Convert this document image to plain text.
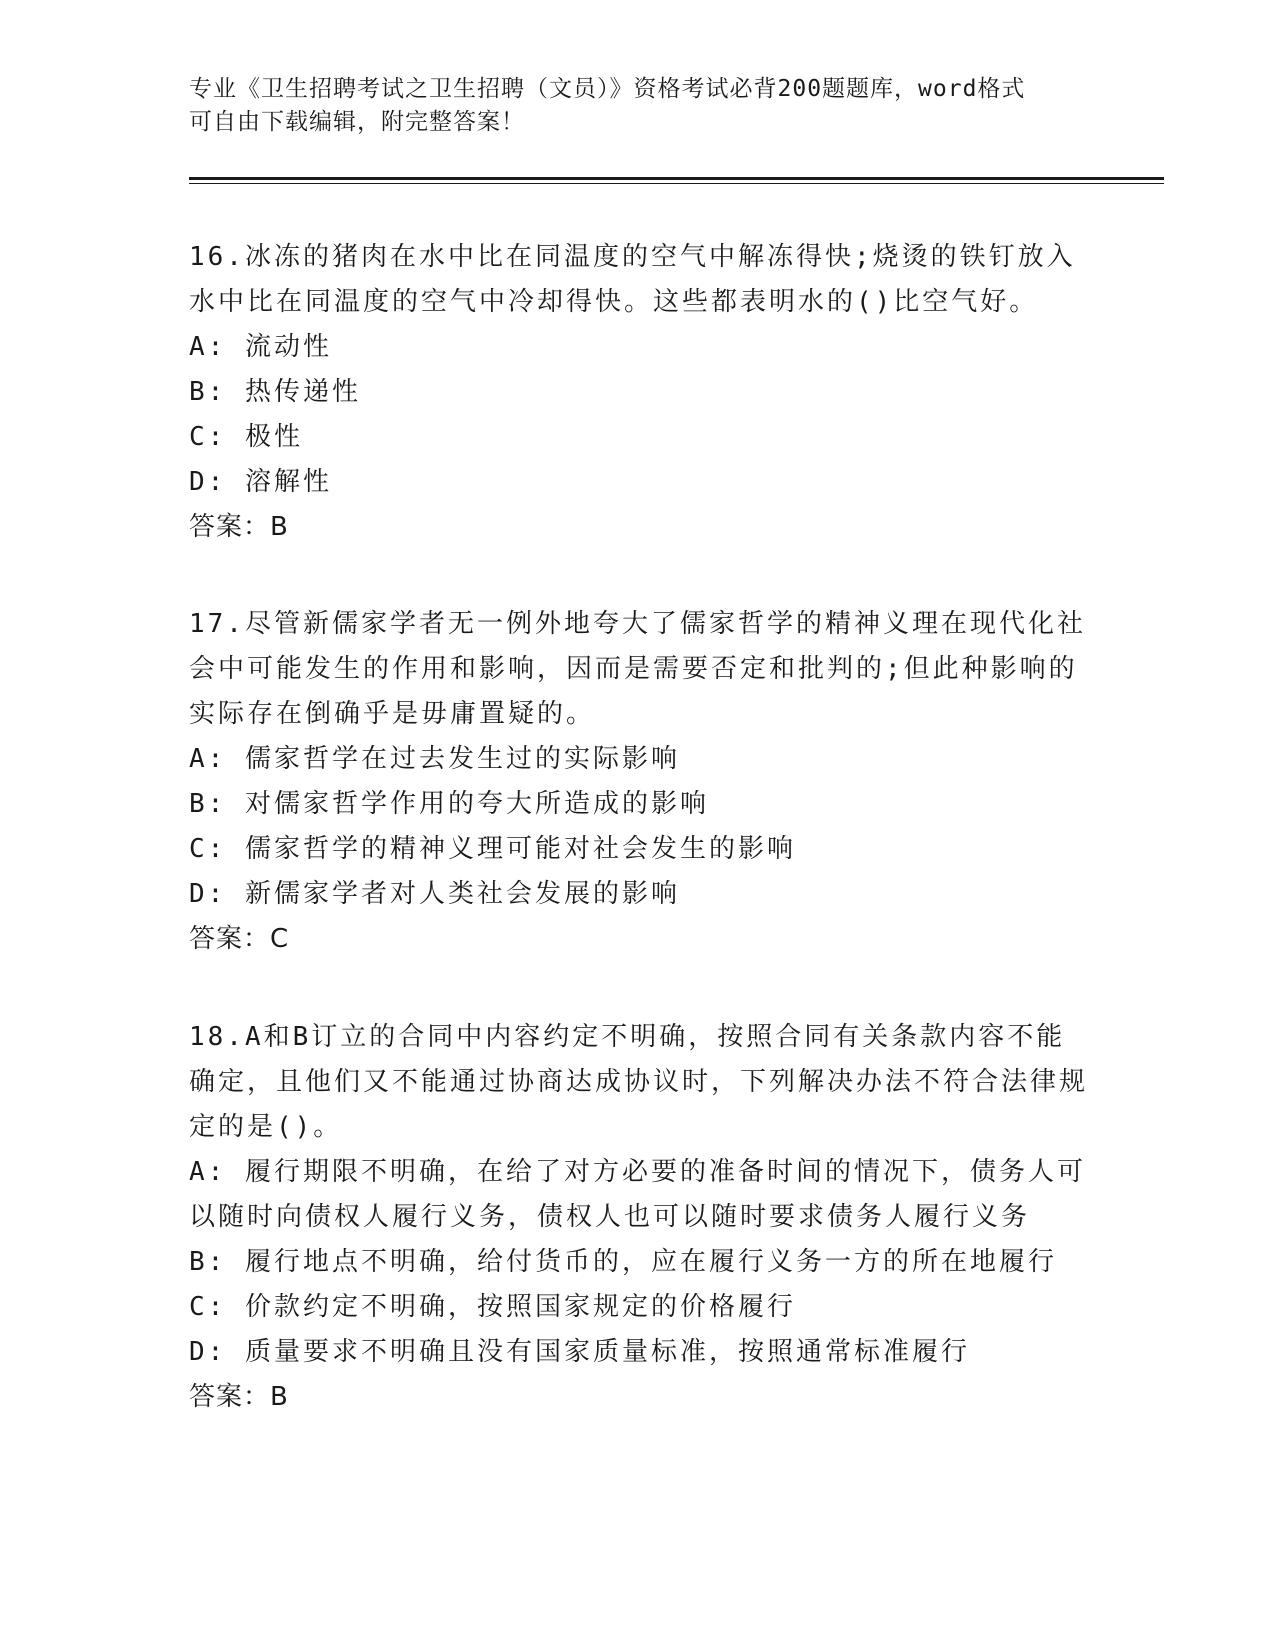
专业《卫生招聘考试之卫生招聘（文员）》资格考试必背200题题库，word格式
可自由下载编辑，附完整答案！
16.冰冻的猪肉在水中比在同温度的空气中解冻得快;烧烫的铁钉放入水中比在同温度的空气中冷却得快。这些都表明水的()比空气好。
A: 流动性
B: 热传递性
C: 极性
D: 溶解性
答案：B
17.尽管新儒家学者无一例外地夸大了儒家哲学的精神义理在现代化社会中可能发生的作用和影响，因而是需要否定和批判的;但此种影响的实际存在倒确乎是毋庸置疑的。
A: 儒家哲学在过去发生过的实际影响
B: 对儒家哲学作用的夸大所造成的影响
C: 儒家哲学的精神义理可能对社会发生的影响
D: 新儒家学者对人类社会发展的影响
答案：C
18.A和B订立的合同中内容约定不明确，按照合同有关条款内容不能确定，且他们又不能通过协商达成协议时，下列解决办法不符合法律规定的是()。
A: 履行期限不明确，在给了对方必要的准备时间的情况下，债务人可以随时向债权人履行义务，债权人也可以随时要求债务人履行义务
B: 履行地点不明确，给付货币的，应在履行义务一方的所在地履行
C: 价款约定不明确，按照国家规定的价格履行
D: 质量要求不明确且没有国家质量标准，按照通常标准履行
答案：B
